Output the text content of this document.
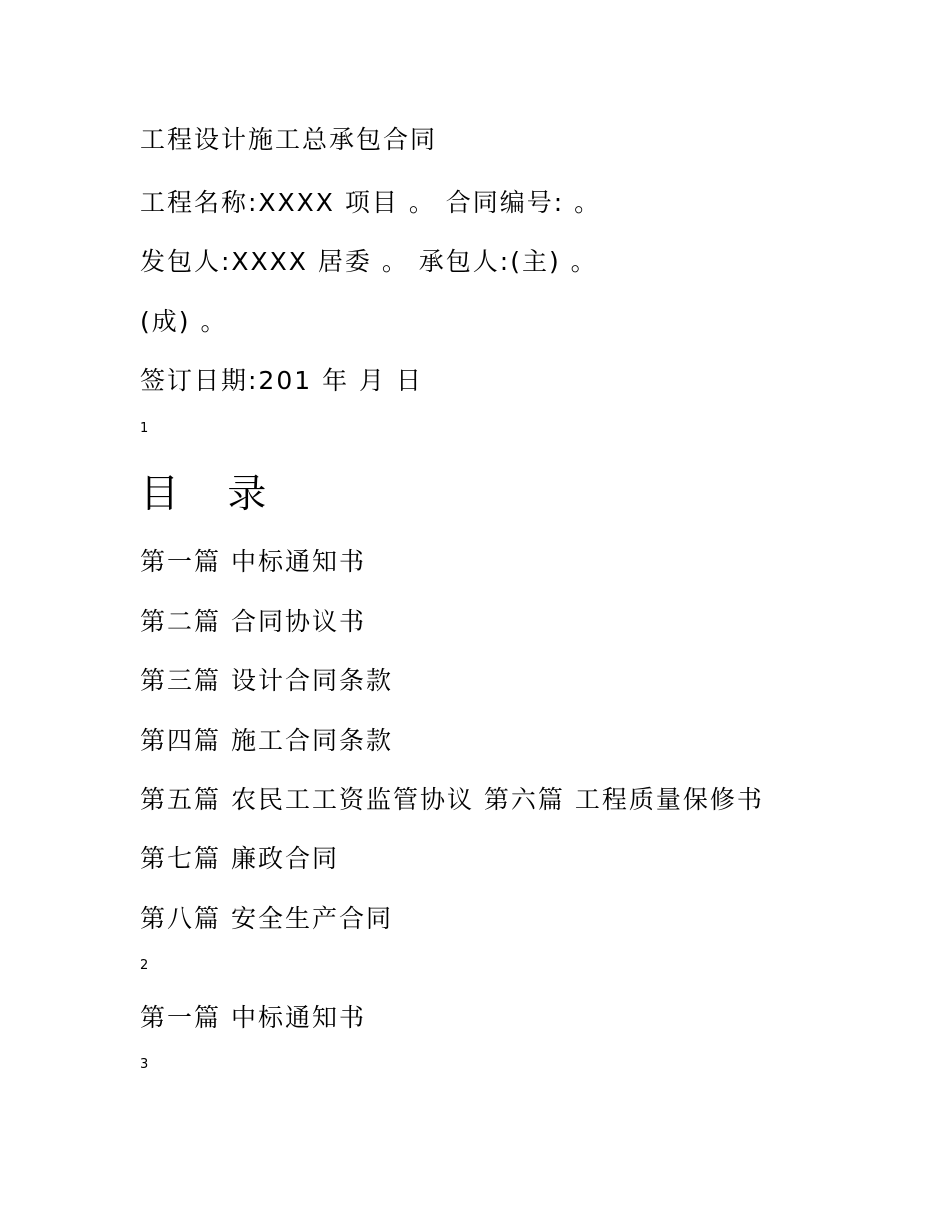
工程设计施工总承包合同
工程名称:XXXX 项目 。 合同编号: 。
发包人:XXXX 居委 。 承包人:(主) 。
(成) 。
签订日期:201 年 月 日
1
目 录
第一篇 中标通知书
第二篇 合同协议书
第三篇 设计合同条款
第四篇 施工合同条款
第五篇 农民工工资监管协议 第六篇 工程质量保修书
第七篇 廉政合同
第八篇 安全生产合同
2
第一篇 中标通知书
3
